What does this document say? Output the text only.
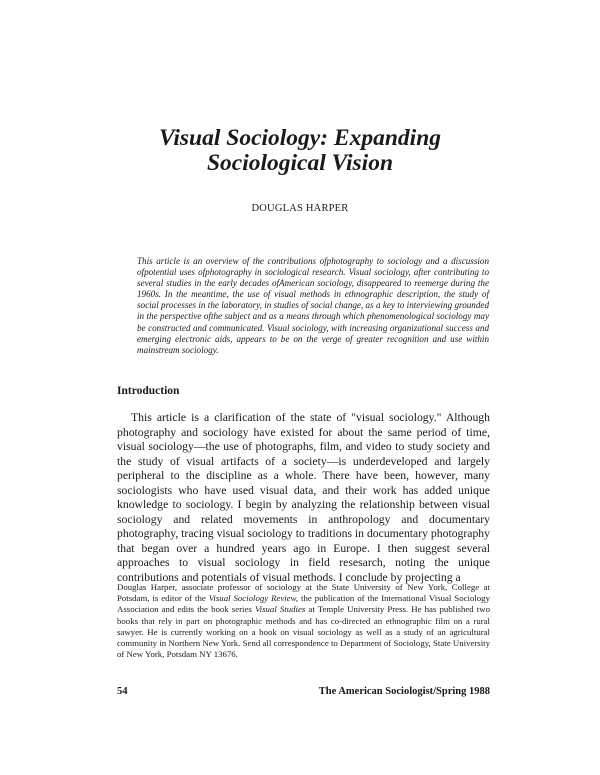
Visual Sociology: Expanding
Sociological Vision
DOUGLAS HARPER

This article is an overview of the contributions ofphotography to sociology and a discussion ofpotential uses ofphotography in sociological research. Visual sociology, after contributing to several studies in the early decades ofAmerican sociology, disappeared to reemerge during the 1960s. In the meantime, the use of visual methods in ethnographic description, the study of social processes in the laboratory, in studies of social change, as a key to interviewing grounded in the perspective ofthe subject and as a means through which phenomenological sociology may be constructed and communicated. Visual sociology, with increasing organizational success and emerging electronic aids, appears to be on the verge of greater recognition and use within mainstream sociology.

Introduction

This article is a clarification of the state of "visual sociology." Although photography and sociology have existed for about the same period of time, visual sociology—the use of photographs, film, and video to study society and the study of visual artifacts of a society—is underdeveloped and largely peripheral to the discipline as a whole. There have been, however, many sociologists who have used visual data, and their work has added unique knowledge to sociology. I begin by analyzing the relationship between visual sociology and related movements in anthropology and documentary photography, tracing visual sociology to traditions in documentary photography that began over a hundred years ago in Europe. I then suggest several approaches to visual sociology in field resesarch, noting the unique contributions and potentials of visual methods. I conclude by projecting a

Douglas Harper, associate professor of sociology at the State University of New York, College at Potsdam, is editor of the Visual Sociology Review, the publication of the International Visual Sociology Association and edits the book series Visual Studies at Temple University Press. He has published two books that rely in part on photographic methods and has co-directed an ethnographic film on a rural sawyer. He is currently working on a book on visual sociology as well as a study of an agricultural community in Northern New York. Send all correspondence to Department of Sociology, State University of New York, Potsdam NY 13676.

54	The American Sociologist/Spring 1988
